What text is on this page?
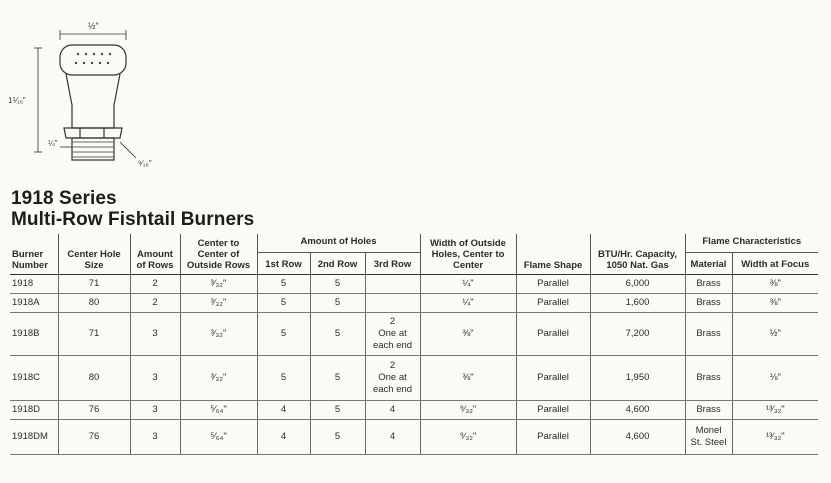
½"
1⅟₁₆"
¼"
⁹⁄₁₆"
1918 Series
Multi-Row Fishtail Burners
Burner Number	Center Hole Size	Amount of Rows	Center to Center of Outside Rows	Amount of Holes			Width of Outside Holes, Center to Center	Flame Shape	BTU/Hr. Capacity, 1050 Nat. Gas	Flame Characteristics	
				1st Row	2nd Row	3rd Row				Material	Width at Focus
1918	71	2	³⁄₃₂"	5	5		¼"	Parallel	6,000	Brass	⅜"
1918A	80	2	³⁄₃₂"	5	5		¼"	Parallel	1,600	Brass	⅜"
1918B	71	3	³⁄₃₂"	5	5	2
One at
each end	⅜"	Parallel	7,200	Brass	½"
1918C	80	3	³⁄₃₂"	5	5	2
One at
each end	⅜"	Parallel	1,950	Brass	⅛"
1918D	76	3	⁵⁄₆₄"	4	5	4	⁹⁄₃₂"	Parallel	4,600	Brass	¹³⁄₃₂"
1918DM	76	3	⁵⁄₆₄"	4	5	4	⁹⁄₃₂"	Parallel	4,600	Monel
St. Steel	¹³⁄₃₂"
